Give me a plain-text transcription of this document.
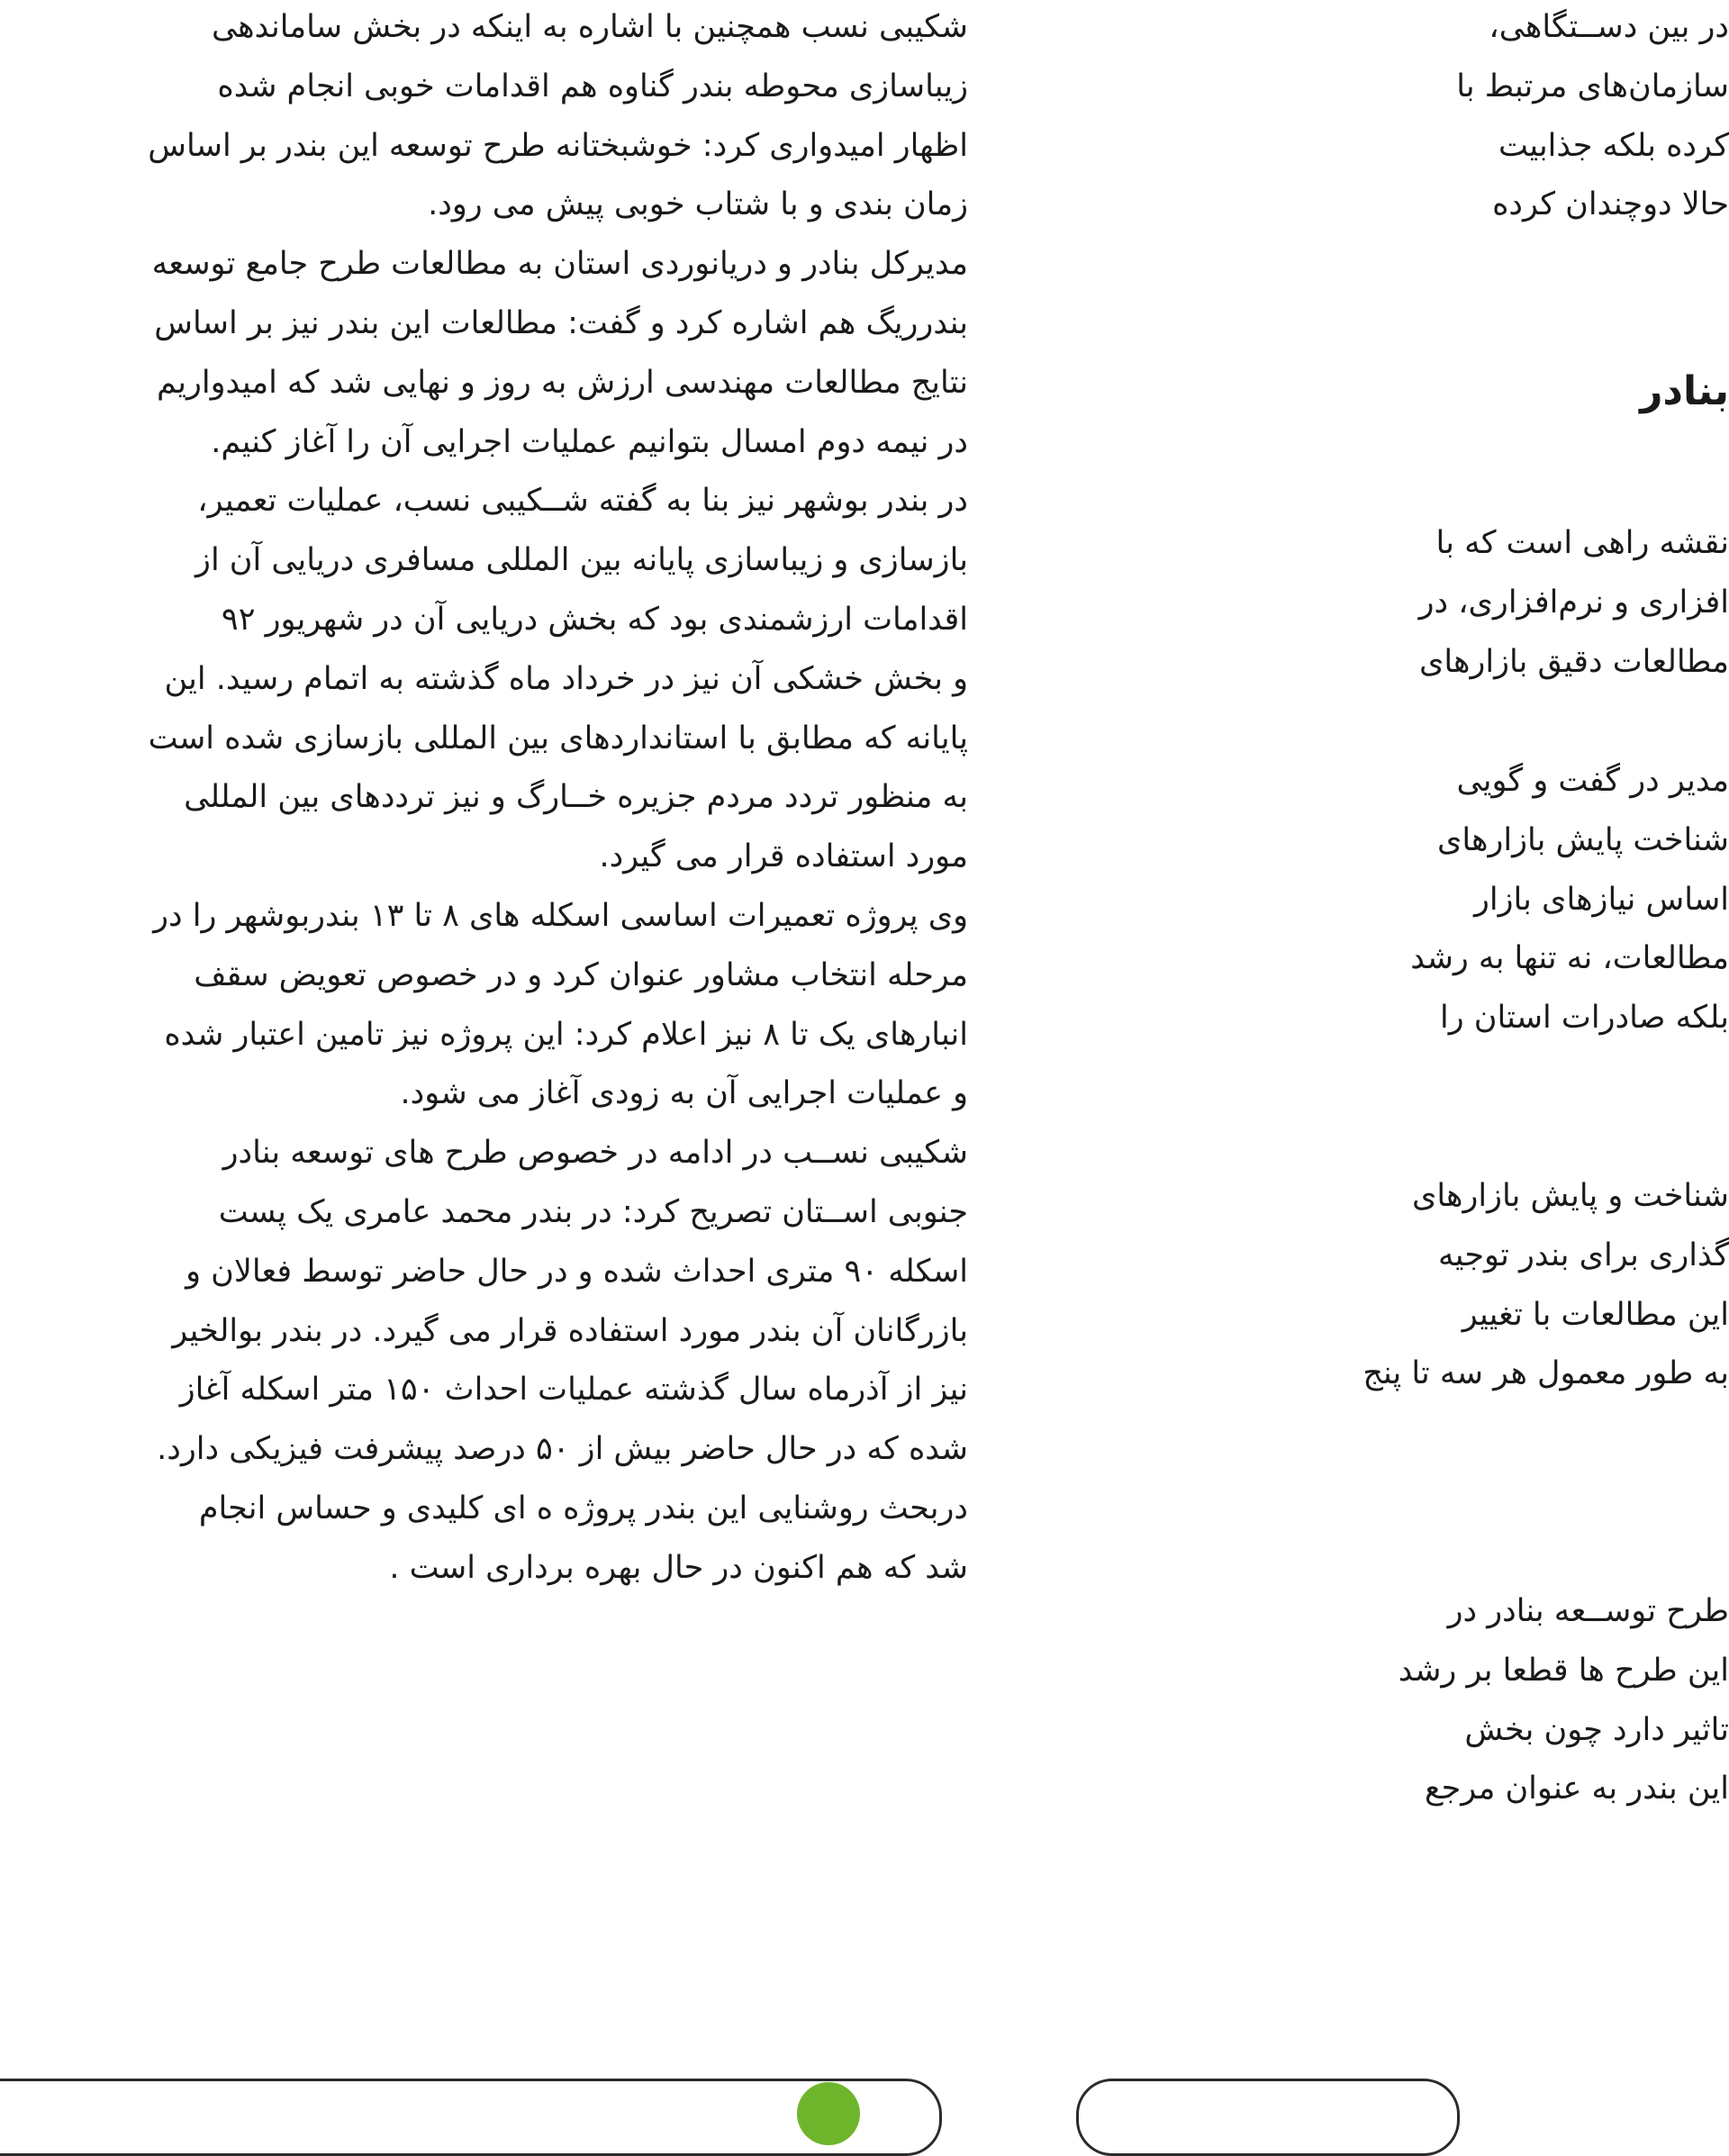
شکیبی نسب همچنین با اشاره به اینکه در بخش ساماندهی
زیباسازی محوطه بندر گناوه هم اقدامات خوبی انجام شده
اظهار امیدواری کرد: خوشبختانه طرح توسعه این بندر بر اساس
زمان بندی و با شتاب خوبی پیش می رود.
مدیرکل بنادر و دریانوردی استان به مطالعات طرح جامع توسعه
بندرریگ هم اشاره کرد و گفت: مطالعات این بندر نیز بر اساس
نتایج مطالعات مهندسی ارزش به روز و نهایی شد که امیدواریم
در نیمه دوم امسال بتوانیم عملیات اجرایی آن را آغاز کنیم.
در بندر بوشهر نیز بنا به گفته شــکیبی نسب، عملیات تعمیر،
بازسازی و زیباسازی پایانه بین المللی مسافری دریایی آن از
اقدامات ارزشمندی بود که بخش دریایی آن در شهریور ۹۲
و بخش خشکی آن نیز در خرداد ماه گذشته به اتمام رسید. این
پایانه که مطابق با استانداردهای بین المللی بازسازی شده است
به منظور تردد مردم جزیره خــارگ و نیز ترددهای بین المللی
مورد استفاده قرار می گیرد.
وی پروژه تعمیرات اساسی اسکله های ۸ تا ۱۳ بندربوشهر را در
مرحله انتخاب مشاور عنوان کرد و در خصوص تعویض سقف
انبارهای یک تا ۸ نیز اعلام کرد: این پروژه نیز تامین اعتبار شده
و عملیات اجرایی آن به زودی آغاز می شود.
شکیبی نســب در ادامه در خصوص طرح های توسعه بنادر
جنوبی اســتان تصریح کرد: در بندر محمد عامری یک پست
اسکله ۹۰ متری احداث شده و در حال حاضر توسط فعالان و
بازرگانان آن بندر مورد استفاده قرار می گیرد. در بندر بوالخیر
نیز از آذرماه سال گذشته عملیات احداث ۱۵۰ متر اسکله آغاز
شده که در حال حاضر بیش از ۵۰ درصد پیشرفت فیزیکی دارد.
دربحث روشنایی این بندر پروژه ه ای کلیدی و حساس انجام
شد که هم اکنون در حال بهره برداری است .
در بین دســتگاهی،
سازمان‌های مرتبط با
کرده بلکه جذابیت
حالا دوچندان کرده
بنادر
نقشه راهی است که با
افزاری و نرم‌افزاری، در
مطالعات دقیق بازارهای
مدیر در گفت و گویی
شناخت پایش بازارهای
اساس نیازهای بازار
مطالعات، نه تنها به رشد
بلکه صادرات استان را
شناخت و پایش بازارهای
گذاری برای بندر توجیه
این مطالعات با تغییر
به طور معمول هر سه تا پنج
طرح توســعه بنادر در
این طرح ها قطعا بر رشد
تاثیر دارد چون بخش
این بندر به عنوان مرجع
